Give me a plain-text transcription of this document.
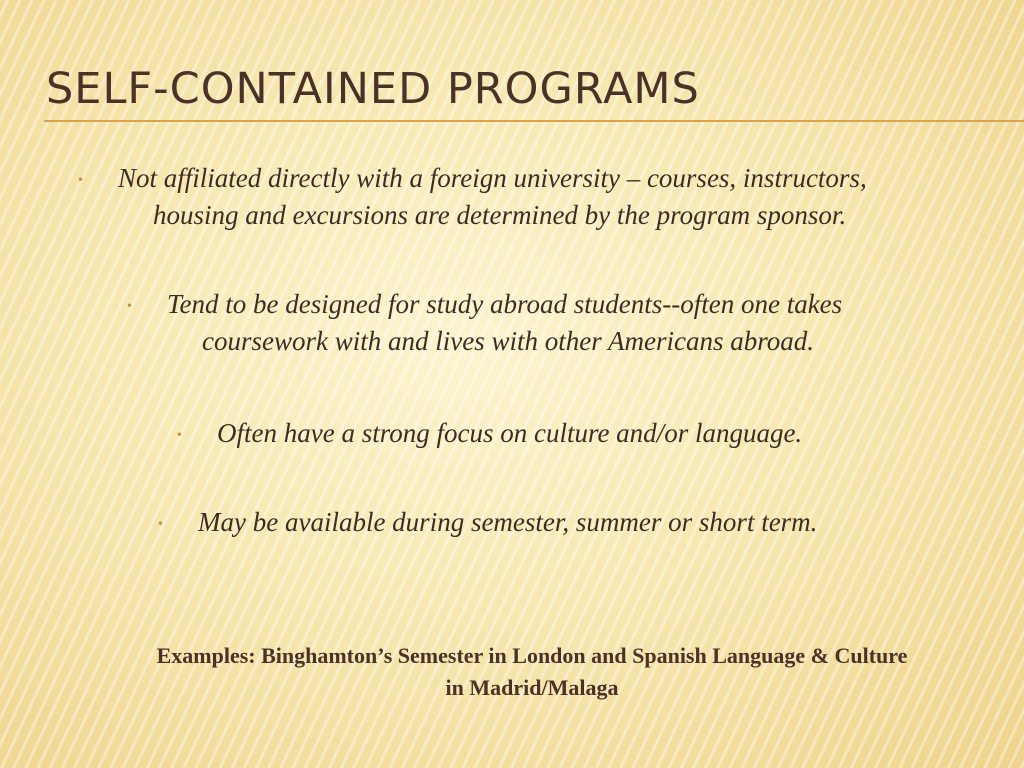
SELF-CONTAINED PROGRAMS
• Not affiliated directly with a foreign university – courses, instructors,
housing and excursions are determined by the program sponsor.
• Tend to be designed for study abroad students--often one takes
coursework with and lives with other Americans abroad.
• Often have a strong focus on culture and/or language.
• May be available during semester, summer or short term.
Examples: Binghamton’s Semester in London and Spanish Language & Culture
in Madrid/Malaga
